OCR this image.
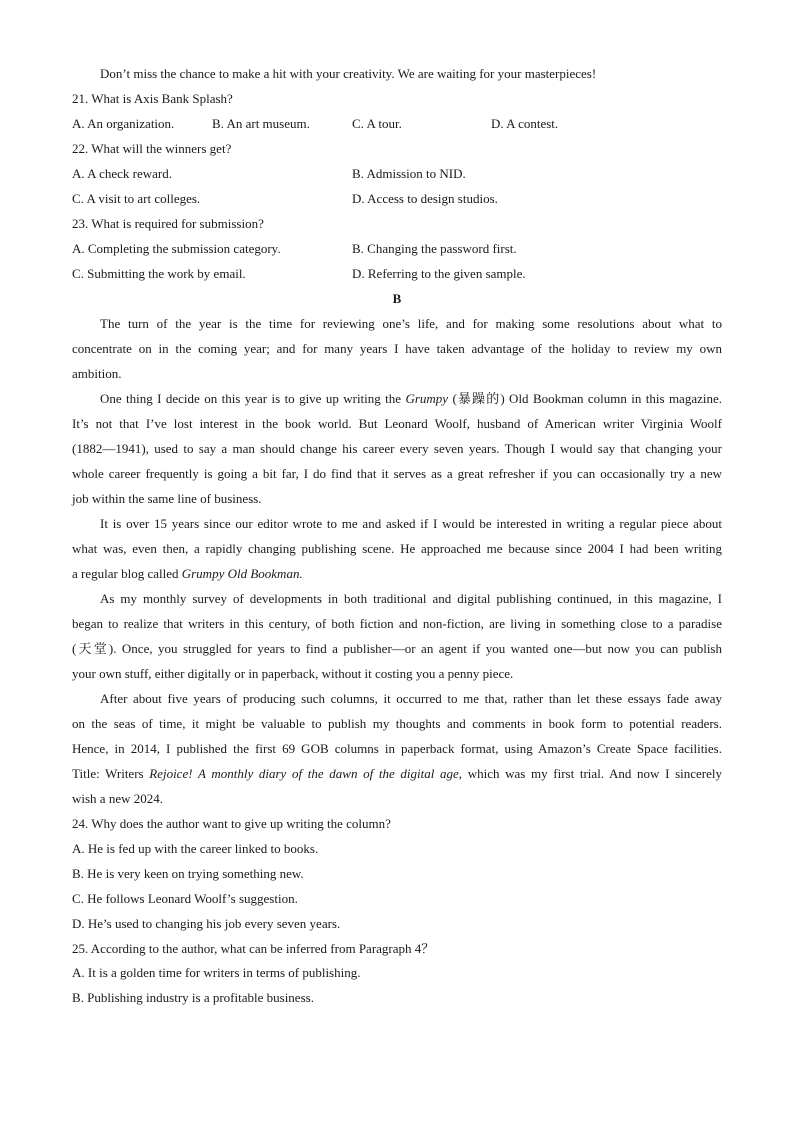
Don’t miss the chance to make a hit with your creativity. We are waiting for your masterpieces!
21. What is Axis Bank Splash?
A. An organization.	B. An art museum.	C. A tour.	D. A contest.
22. What will the winners get?
A. A check reward.	B. Admission to NID.
C. A visit to art colleges.	D. Access to design studios.
23. What is required for submission?
A. Completing the submission category.	B. Changing the password first.
C. Submitting the work by email.	D. Referring to the given sample.
B
The turn of the year is the time for reviewing one’s life, and for making some resolutions about what to
concentrate on in the coming year; and for many years I have taken advantage of the holiday to review my own
ambition.
One thing I decide on this year is to give up writing the Grumpy (暴躁的) Old Bookman column in this magazine.
It’s not that I’ve lost interest in the book world. But Leonard Woolf, husband of American writer Virginia Woolf
(1882—1941), used to say a man should change his career every seven years. Though I would say that changing your
whole career frequently is going a bit far, I do find that it serves as a great refresher if you can occasionally try a new
job within the same line of business.
It is over 15 years since our editor wrote to me and asked if I would be interested in writing a regular piece about
what was, even then, a rapidly changing publishing scene. He approached me because since 2004 I had been writing
a regular blog called Grumpy Old Bookman.
As my monthly survey of developments in both traditional and digital publishing continued, in this magazine, I
began to realize that writers in this century, of both fiction and non-fiction, are living in something close to a paradise
(天堂). Once, you struggled for years to find a publisher—or an agent if you wanted one—but now you can publish
your own stuff, either digitally or in paperback, without it costing you a penny piece.
After about five years of producing such columns, it occurred to me that, rather than let these essays fade away
on the seas of time, it might be valuable to publish my thoughts and comments in book form to potential readers.
Hence, in 2014, I published the first 69 GOB columns in paperback format, using Amazon’s Create Space facilities.
Title: Writers Rejoice! A monthly diary of the dawn of the digital age, which was my first trial. And now I sincerely
wish a new 2024.
24. Why does the author want to give up writing the column?
A. He is fed up with the career linked to books.
B. He is very keen on trying something new.
C. He follows Leonard Woolf’s suggestion.
D. He’s used to changing his job every seven years.
25. According to the author, what can be inferred from Paragraph 4？
A. It is a golden time for writers in terms of publishing.
B. Publishing industry is a profitable business.
